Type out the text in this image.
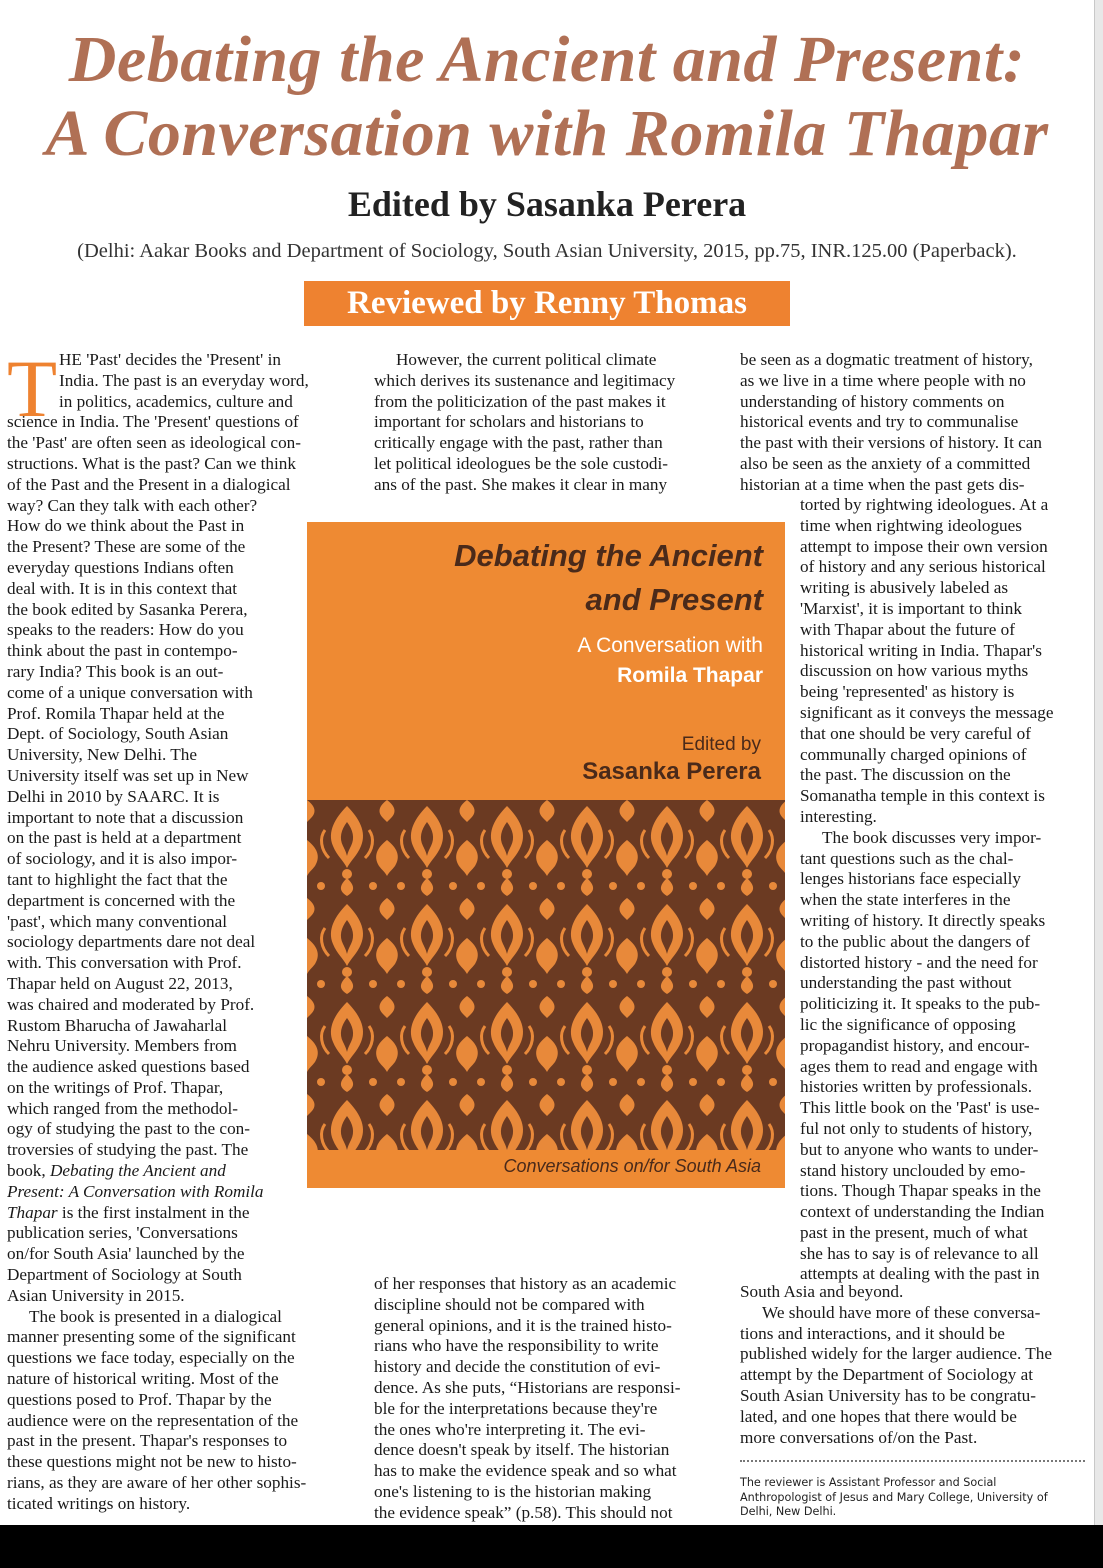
Debating the Ancient and Present:
A Conversation with Romila Thapar
Edited by Sasanka Perera
(Delhi: Aakar Books and Department of Sociology, South Asian University, 2015, pp.75, INR.125.00 (Paperback).
Reviewed by Renny Thomas
T HE 'Past' decides the 'Present' in
India. The past is an everyday word,
in politics, academics, culture and
science in India. The 'Present' questions of
the 'Past' are often seen as ideological con-
structions. What is the past? Can we think
of the Past and the Present in a dialogical
way? Can they talk with each other?
How do we think about the Past in
the Present? These are some of the
everyday questions Indians often
deal with. It is in this context that
the book edited by Sasanka Perera,
speaks to the readers: How do you
think about the past in contempo-
rary India? This book is an out-
come of a unique conversation with
Prof. Romila Thapar held at the
Dept. of Sociology, South Asian
University, New Delhi. The
University itself was set up in New
Delhi in 2010 by SAARC. It is
important to note that a discussion
on the past is held at a department
of sociology, and it is also impor-
tant to highlight the fact that the
department is concerned with the
'past', which many conventional
sociology departments dare not deal
with. This conversation with Prof.
Thapar held on August 22, 2013,
was chaired and moderated by Prof.
Rustom Bharucha of Jawaharlal
Nehru University. Members from
the audience asked questions based
on the writings of Prof. Thapar,
which ranged from the methodol-
ogy of studying the past to the con-
troversies of studying the past. The
book, Debating the Ancient and
Present: A Conversation with Romila
Thapar is the first instalment in the
publication series, 'Conversations
on/for South Asia' launched by the
Department of Sociology at South
Asian University in 2015.
The book is presented in a dialogical
manner presenting some of the significant
questions we face today, especially on the
nature of historical writing. Most of the
questions posed to Prof. Thapar by the
audience were on the representation of the
past in the present. Thapar's responses to
these questions might not be new to histo-
rians, as they are aware of her other sophis-
ticated writings on history.
However, the current political climate
which derives its sustenance and legitimacy
from the politicization of the past makes it
important for scholars and historians to
critically engage with the past, rather than
let political ideologues be the sole custodi-
ans of the past. She makes it clear in many
of her responses that history as an academic
discipline should not be compared with
general opinions, and it is the trained histo-
rians who have the responsibility to write
history and decide the constitution of evi-
dence. As she puts, “Historians are responsi-
ble for the interpretations because they're
the ones who're interpreting it. The evi-
dence doesn't speak by itself. The historian
has to make the evidence speak and so what
one's listening to is the historian making
the evidence speak” (p.58). This should not
be seen as a dogmatic treatment of history,
as we live in a time where people with no
understanding of history comments on
historical events and try to communalise
the past with their versions of history. It can
also be seen as the anxiety of a committed
historian at a time when the past gets dis-
torted by rightwing ideologues. At a
time when rightwing ideologues
attempt to impose their own version
of history and any serious historical
writing is abusively labeled as
'Marxist', it is important to think
with Thapar about the future of
historical writing in India. Thapar's
discussion on how various myths
being 'represented' as history is
significant as it conveys the message
that one should be very careful of
communally charged opinions of
the past. The discussion on the
Somanatha temple in this context is
interesting.
The book discusses very impor-
tant questions such as the chal-
lenges historians face especially
when the state interferes in the
writing of history. It directly speaks
to the public about the dangers of
distorted history - and the need for
understanding the past without
politicizing it. It speaks to the pub-
lic the significance of opposing
propagandist history, and encour-
ages them to read and engage with
histories written by professionals.
This little book on the 'Past' is use-
ful not only to students of history,
but to anyone who wants to under-
stand history unclouded by emo-
tions. Though Thapar speaks in the
context of understanding the Indian
past in the present, much of what
she has to say is of relevance to all
attempts at dealing with the past in
South Asia and beyond.
We should have more of these conversa-
tions and interactions, and it should be
published widely for the larger audience. The
attempt by the Department of Sociology at
South Asian University has to be congratu-
lated, and one hopes that there would be
more conversations of/on the Past.
Debating the Ancient
and Present
A Conversation with
Romila Thapar
Edited by
Sasanka Perera
Conversations on/for South Asia
The reviewer is Assistant Professor and Social
Anthropologist of Jesus and Mary College, University of
Delhi, New Delhi.
